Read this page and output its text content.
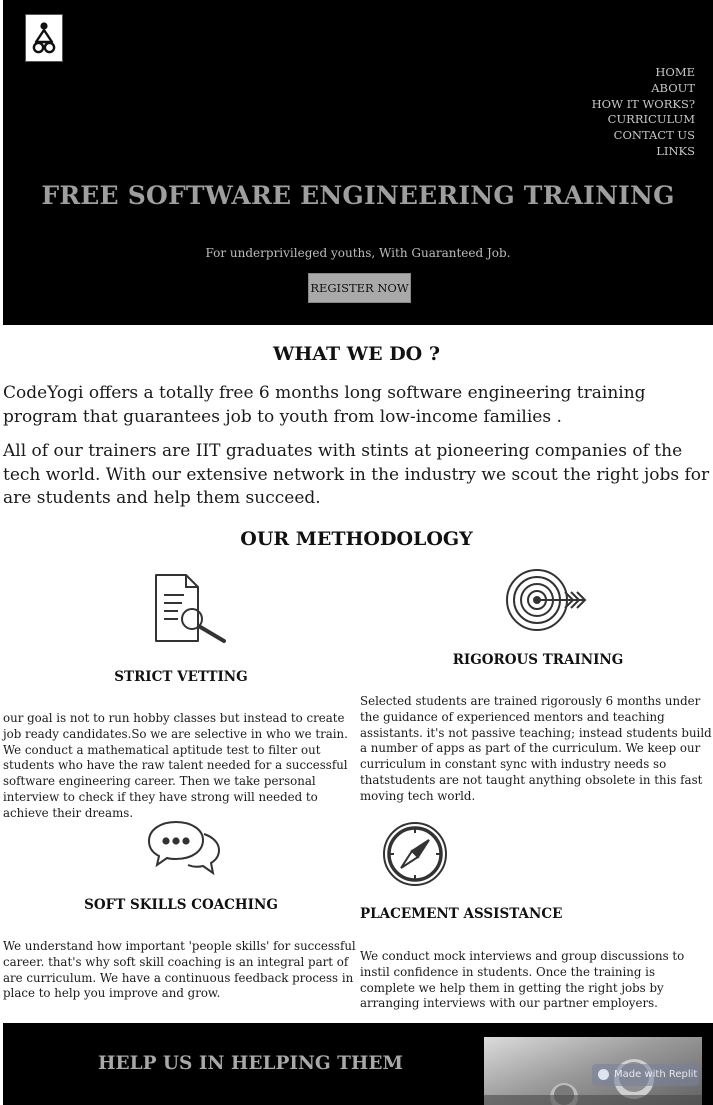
HOME
ABOUT
HOW IT WORKS?
CURRICULUM
CONTACT US
LINKS
FREE SOFTWARE ENGINEERING TRAINING
For underprivileged youths, With Guaranteed Job.
REGISTER NOW
WHAT WE DO ?

CodeYogi offers a totally free 6 months long software engineering training program that guarantees job to youth from low-income families .

All of our trainers are IIT graduates with stints at pioneering companies of the tech world. With our extensive network in the industry we scout the right jobs for are students and help them succeed.

OUR METHODOLOGY
STRICT VETTING

our goal is not to run hobby classes but instead to create job ready candidates.So we are selective in who we train. We conduct a mathematical aptitude test to filter out students who have the raw talent needed for a successful software engineering career. Then we take personal interview to check if they have strong will needed to achieve their dreams.

RIGOROUS TRAINING

Selected students are trained rigorously 6 months under the guidance of experienced mentors and teaching assistants. it's not passive teaching; instead students build a number of apps as part of the curriculum. We keep our curriculum in constant sync with industry needs so thatstudents are not taught anything obsolete in this fast moving tech world.

SOFT SKILLS COACHING

We understand how important 'people skills' for successful career. that's why soft skill coaching is an integral part of are curriculum. We have a continuous feedback process in place to help you improve and grow.

PLACEMENT ASSISTANCE

We conduct mock interviews and group discussions to instil confidence in students. Once the training is complete we help them in getting the right jobs by arranging interviews with our partner employers.

HELP US IN HELPING THEM
Made with Replit
